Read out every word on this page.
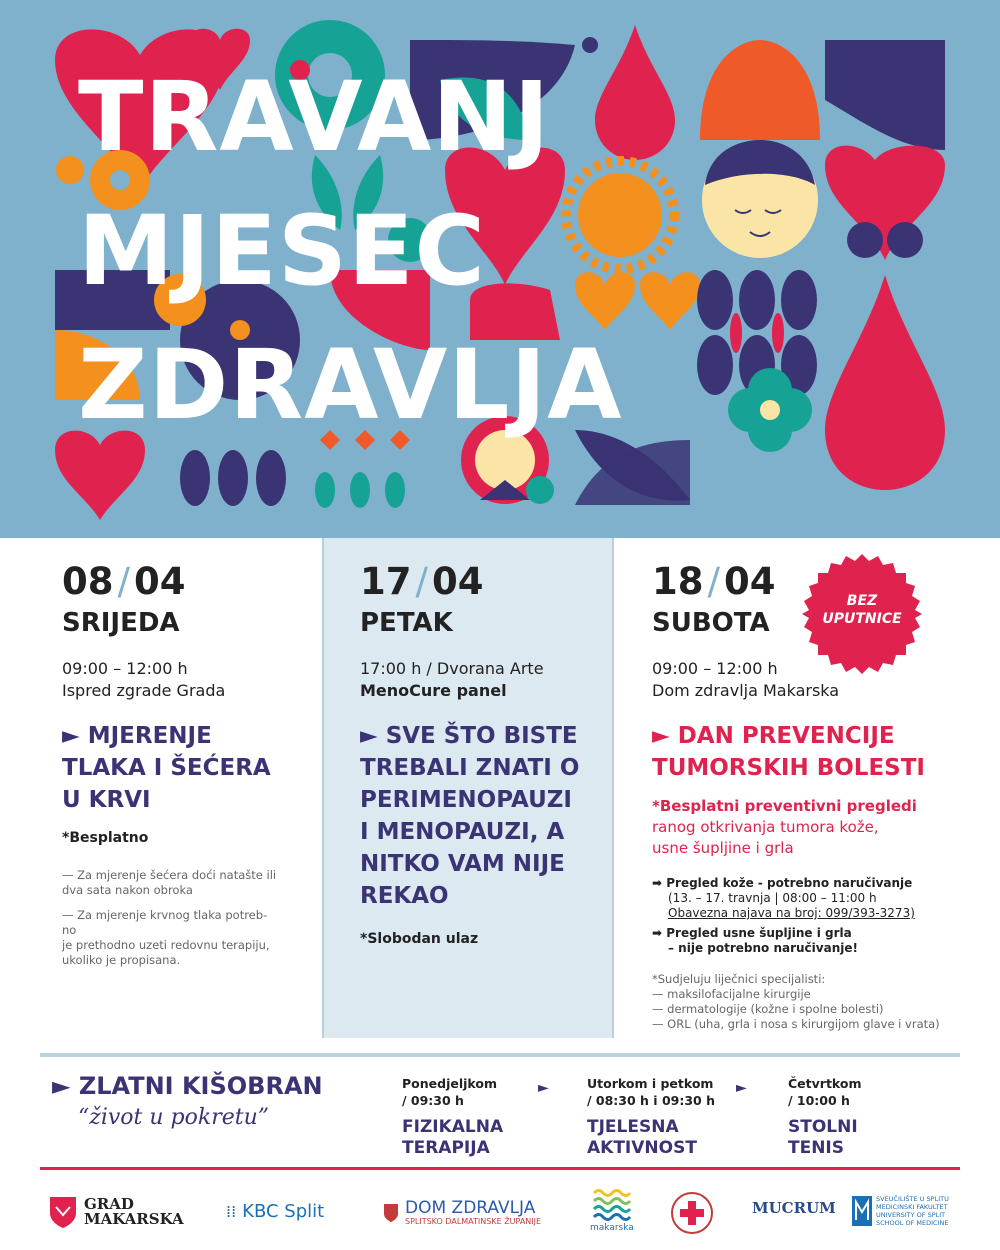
TRAVANJ
MJESEC
ZDRAVLJA
08 / 04
SRIJEDA
09:00 – 12:00 h
Ispred zgrade Grada
► MJERENJE
TLAKA I ŠEĆERA
U KRVI
*Besplatno
— Za mjerenje šećera doći natašte ili
dva sata nakon obroka
— Za mjerenje krvnog tlaka potreb-
no
je prethodno uzeti redovnu terapiju,
ukoliko je propisana.
17 / 04
PETAK
17:00 h / Dvorana Arte
MenoCure panel
► SVE ŠTO BISTE
TREBALI ZNATI O
PERIMENOPAUZI
I MENOPAUZI, A
NITKO VAM NIJE
REKAO
*Slobodan ulaz
BEZ
UPUTNICE
18 / 04
SUBOTA
09:00 – 12:00 h
Dom zdravlja Makarska
► DAN PREVENCIJE
TUMORSKIH BOLESTI
*Besplatni preventivni pregledi
ranog otkrivanja tumora kože,
usne šupljine i grla
➡ Pregled kože - potrebno naručivanje
(13. – 17. travnja | 08:00 – 11:00 h
Obavezna najava na broj: 099/393-3273)
➡ Pregled usne šupljine i grla
– nije potrebno naručivanje!
*Sudjeluju liječnici specijalisti:
— maksilofacijalne kirurgije
— dermatologije (kožne i spolne bolesti)
— ORL (uha, grla i nosa s kirurgijom glave i vrata)
► ZLATNI KIŠOBRAN
“život u pokretu”
Ponedjeljkom
/ 09:30 h
FIZIKALNA
TERAPIJA
►	Utorkom i petkom
/ 08:30 h i 09:30 h
TJELESNA
AKTIVNOST
►	Četvrtkom
/ 10:00 h
STOLNI
TENIS
GRAD
MAKARSKA	⁞⁞ KBC Split	DOM ZDRAVLJA
SPLITSKO DALMATINSKE ŽUPANIJE
makarska
MUCRUM	SVEUČILIŠTE U SPLITU
MEDICINSKI FAKULTET
UNIVERSITY OF SPLIT
SCHOOL OF MEDICINE
